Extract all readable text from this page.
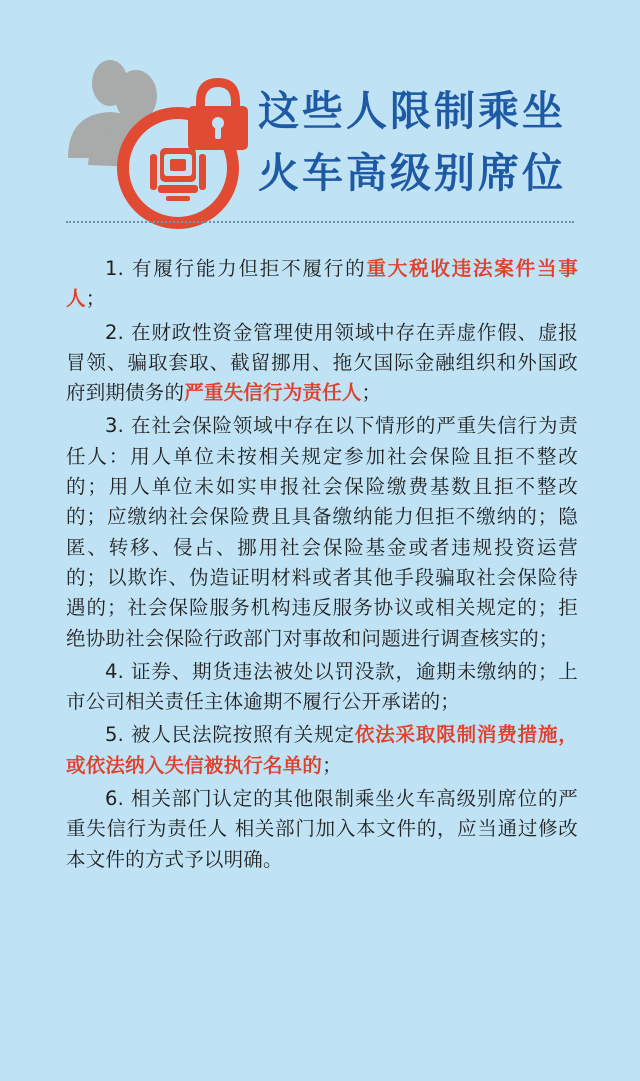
这些人限制乘坐
火车高级别席位

1. 有履行能力但拒不履行的重大税收违法案件当事人；

2. 在财政性资金管理使用领域中存在弄虚作假、虚报冒领、骗取套取、截留挪用、拖欠国际金融组织和外国政府到期债务的严重失信行为责任人；

3. 在社会保险领域中存在以下情形的严重失信行为责任人：用人单位未按相关规定参加社会保险且拒不整改的；用人单位未如实申报社会保险缴费基数且拒不整改的；应缴纳社会保险费且具备缴纳能力但拒不缴纳的；隐匿、转移、侵占、挪用社会保险基金或者违规投资运营的；以欺诈、伪造证明材料或者其他手段骗取社会保险待遇的；社会保险服务机构违反服务协议或相关规定的；拒绝协助社会保险行政部门对事故和问题进行调查核实的；

4. 证券、期货违法被处以罚没款，逾期未缴纳的；上市公司相关责任主体逾期不履行公开承诺的；

5. 被人民法院按照有关规定依法采取限制消费措施，或依法纳入失信被执行名单的；

6. 相关部门认定的其他限制乘坐火车高级别席位的严重失信行为责任人 相关部门加入本文件的，应当通过修改本文件的方式予以明确。
